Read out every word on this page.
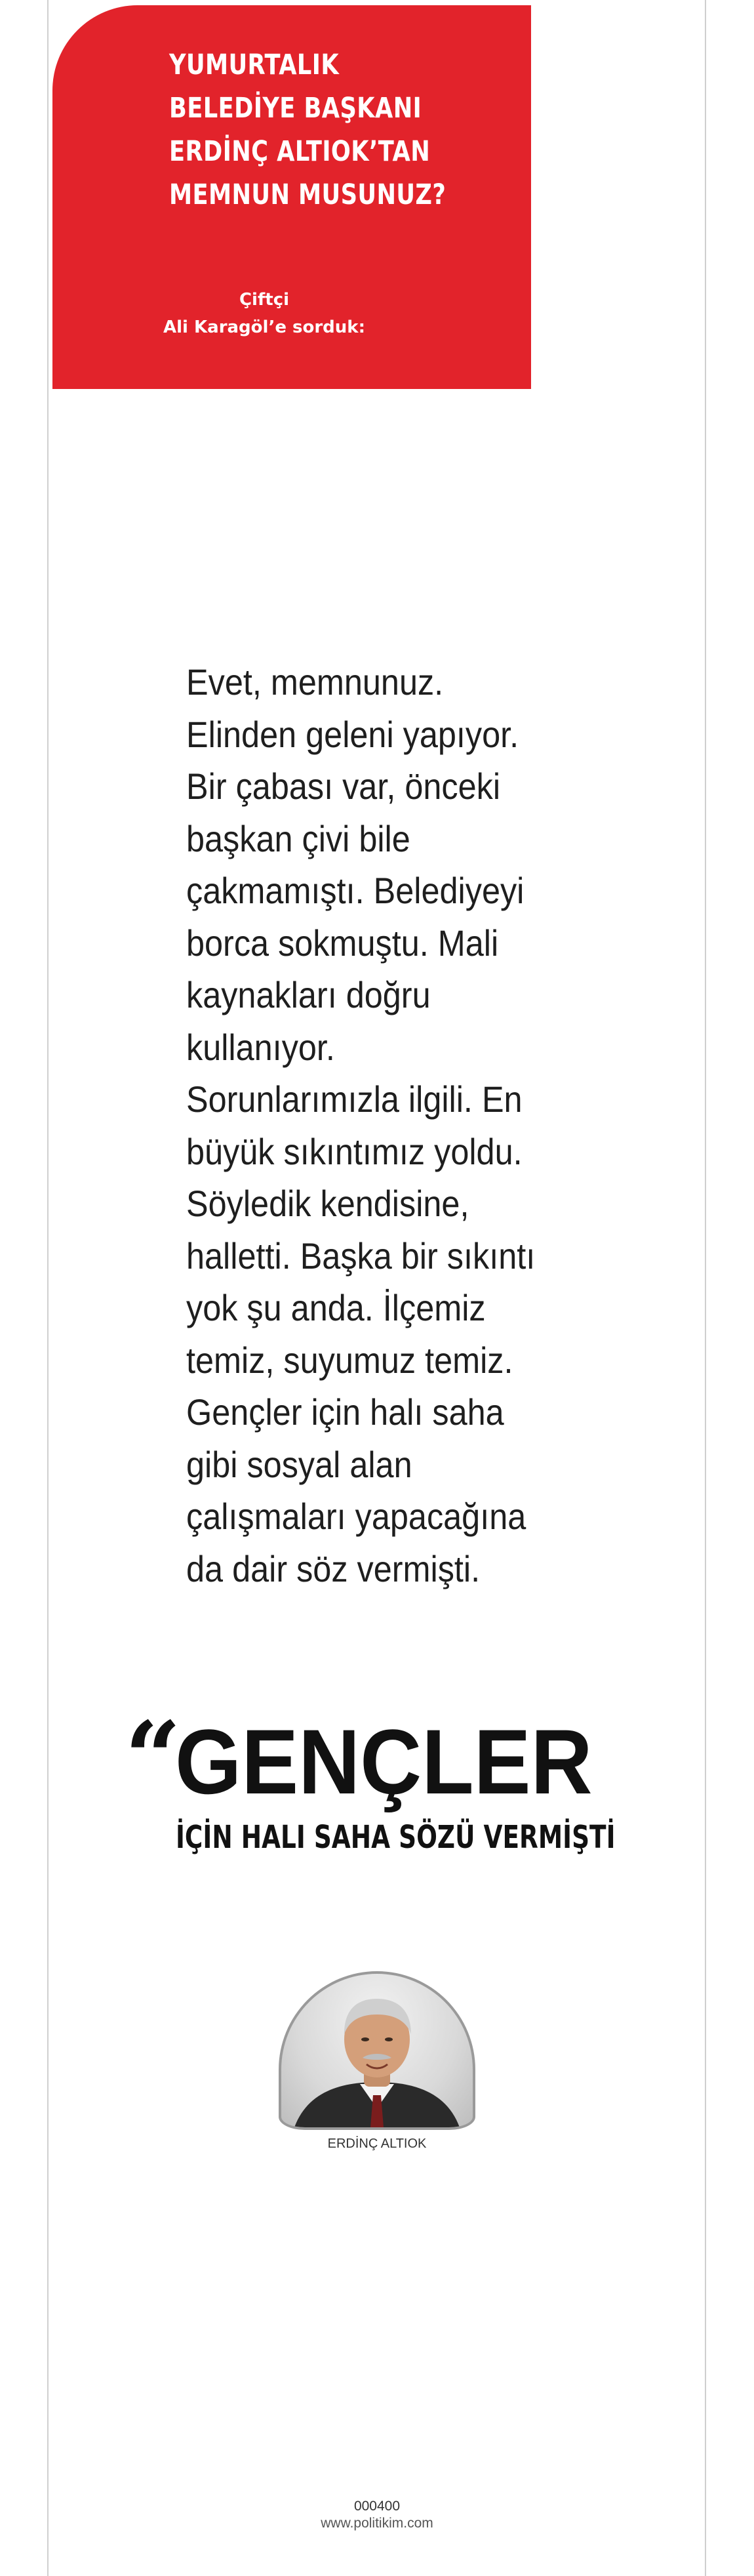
YUMURTALIK
BELEDİYE BAŞKANI
ERDİNÇ ALTIOK’TAN
MEMNUN MUSUNUZ?
Çiftçi
Ali Karagöl’e sorduk:

Evet, memnunuz.
Elinden geleni yapıyor.
Bir çabası var, önceki
başkan çivi bile
çakmamıştı. Belediyeyi
borca sokmuştu. Mali
kaynakları doğru
kullanıyor.
Sorunlarımızla ilgili. En
büyük sıkıntımız yoldu.
Söyledik kendisine,
halletti. Başka bir sıkıntı
yok şu anda. İlçemiz
temiz, suyumuz temiz.
Gençler için halı saha
gibi sosyal alan
çalışmaları yapacağına
da dair söz vermişti.

“
GENÇLER
İÇİN HALI SAHA SÖZÜ VERMİŞTİ
ERDİNÇ ALTIOK
000400
www.politikim.com
